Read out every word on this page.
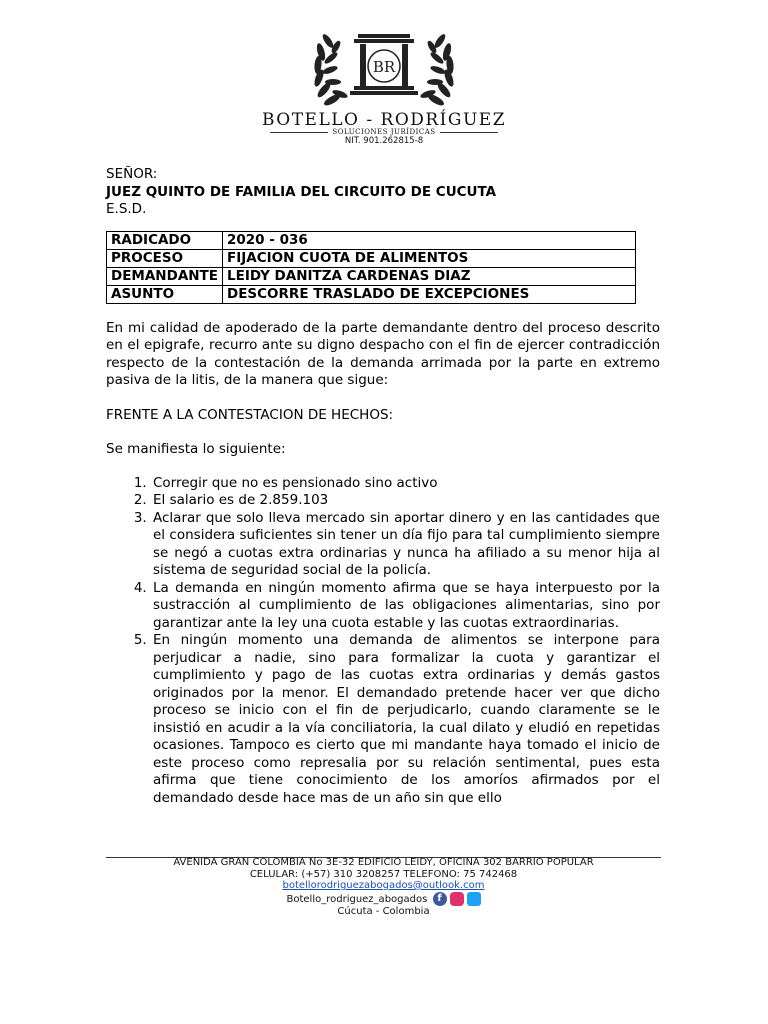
BR
BOTELLO - RODRÍGUEZ
SOLUCIONES JURÍDICAS
NIT. 901.262815-8

SEÑOR:

JUEZ QUINTO DE FAMILIA DEL CIRCUITO DE CUCUTA

E.S.D.

RADICADO	2020 - 036
PROCESO	FIJACION CUOTA DE ALIMENTOS
DEMANDANTE	LEIDY DANITZA CARDENAS DIAZ
ASUNTO	DESCORRE TRASLADO DE EXCEPCIONES

En mi calidad de apoderado de la parte demandante dentro del proceso descrito en el epigrafe, recurro ante su digno despacho con el fin de ejercer contradicción respecto de la contestación de la demanda arrimada por la parte en extremo pasiva de la litis, de la manera que sigue:

FRENTE A LA CONTESTACION DE HECHOS:

Se manifiesta lo siguiente:

1. Corregir que no es pensionado sino activo
2. El salario es de 2.859.103
3. Aclarar que solo lleva mercado sin aportar dinero y en las cantidades que el considera suficientes sin tener un día fijo para tal cumplimiento siempre se negó a cuotas extra ordinarias y nunca ha afiliado a su menor hija al sistema de seguridad social de la policía.
4. La demanda en ningún momento afirma que se haya interpuesto por la sustracción al cumplimiento de las obligaciones alimentarias, sino por garantizar ante la ley una cuota estable y las cuotas extraordinarias.
5. En ningún momento una demanda de alimentos se interpone para perjudicar a nadie, sino para formalizar la cuota y garantizar el cumplimiento y pago de las cuotas extra ordinarias y demás gastos originados por la menor. El demandado pretende hacer ver que dicho proceso se inicio con el fin de perjudicarlo, cuando claramente se le insistió en acudir a la vía conciliatoria, la cual dilato y eludió en repetidas ocasiones. Tampoco es cierto que mi mandante haya tomado el inicio de este proceso como represalia por su relación sentimental, pues esta afirma que tiene conocimiento de los amoríos afirmados por el demandado desde hace mas de un año sin que ello
AVENIDA GRAN COLOMBIA No 3E-32 EDIFICIO LEIDY, OFICINA 302 BARRIO POPULAR
CELULAR: (+57) 310 3208257 TELEFONO: 75 742468
botellorodriguezabogados@outlook.com
Botello_rodriguez_abogados	f
Cúcuta - Colombia
